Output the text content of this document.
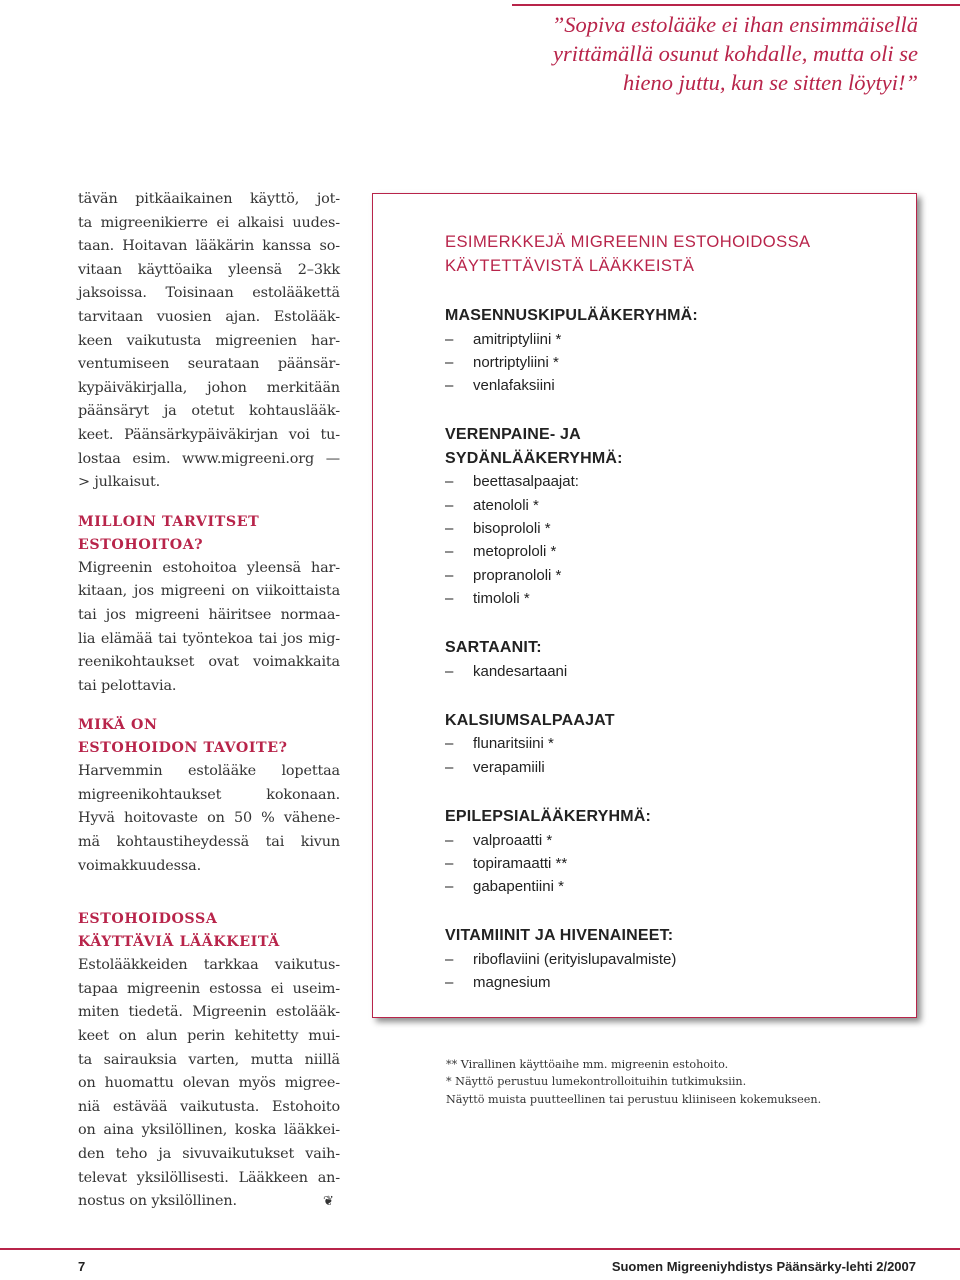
”Sopiva estolääke ei ihan ensimmäisellä
yrittämällä osunut kohdalle, mutta oli se
hieno juttu, kun se sitten löytyi!”
tävän pitkäaikainen käyttö, jot-
ta migreenikierre ei alkaisi uudes-
taan. Hoitavan lääkärin kanssa so-
vitaan käyttöaika yleensä 2–3kk
jaksoissa. Toisinaan estolääkettä
tarvitaan vuosien ajan. Estolääk-
keen vaikutusta migreenien har-
ventumiseen seurataan päänsär-
kypäiväkirjalla, johon merkitään
päänsäryt ja otetut kohtauslääk-
keet. Päänsärkypäiväkirjan voi tu-
lostaa esim. www.migreeni.org —
> julkaisut.
MILLOIN TARVITSET
ESTOHOITOA?
Migreenin estohoitoa yleensä har-
kitaan, jos migreeni on viikoittaista
tai jos migreeni häiritsee normaa-
lia elämää tai työntekoa tai jos mig-
reenikohtaukset ovat voimakkaita
tai pelottavia.
MIKÄ ON
ESTOHOIDON TAVOITE?
Harvemmin estolääke lopettaa
migreenikohtaukset kokonaan.
Hyvä hoitovaste on 50 % vähene-
mä kohtaustiheydessä tai kivun
voimakkuudessa.
ESTOHOIDOSSA
KÄYTTÄVIÄ LÄÄKKEITÄ
Estolääkkeiden tarkkaa vaikutus-
tapaa migreenin estossa ei useim-
miten tiedetä. Migreenin estolääk-
keet on alun perin kehitetty mui-
ta sairauksia varten, mutta niillä
on huomattu olevan myös migree-
niä estävää vaikutusta. Estohoito
on aina yksilöllinen, koska lääkkei-
den teho ja sivuvaikutukset vaih-
televat yksilöllisesti. Lääkkeen an-
nostus on yksilöllinen.	❦
ESIMERKKEJÄ MIGREENIN ESTOHOIDOSSA
KÄYTETTÄVISTÄ LÄÄKKEISTÄ
MASENNUSKIPULÄÄKERYHMÄ:
–	amitriptyliini *
–	nortriptyliini *
–	venlafaksiini
VERENPAINE- JA
SYDÄNLÄÄKERYHMÄ:
–	beettasalpaajat:
–	atenololi *
–	bisoprololi *
–	metoprololi *
–	propranololi *
–	timololi *
SARTAANIT:
–	kandesartaani
KALSIUMSALPAAJAT
–	flunaritsiini *
–	verapamiili
EPILEPSIALÄÄKERYHMÄ:
–	valproaatti *
–	topiramaatti **
–	gabapentiini *
VITAMIINIT JA HIVENAINEET:
–	riboflaviini (erityislupavalmiste)
–	magnesium
** Virallinen käyttöaihe mm. migreenin estohoito.
* Näyttö perustuu lumekontrolloituihin tutkimuksiin.
Näyttö muista puutteellinen tai perustuu kliiniseen kokemukseen.
7	Suomen Migreeniyhdistys Päänsärky-lehti 2/2007
